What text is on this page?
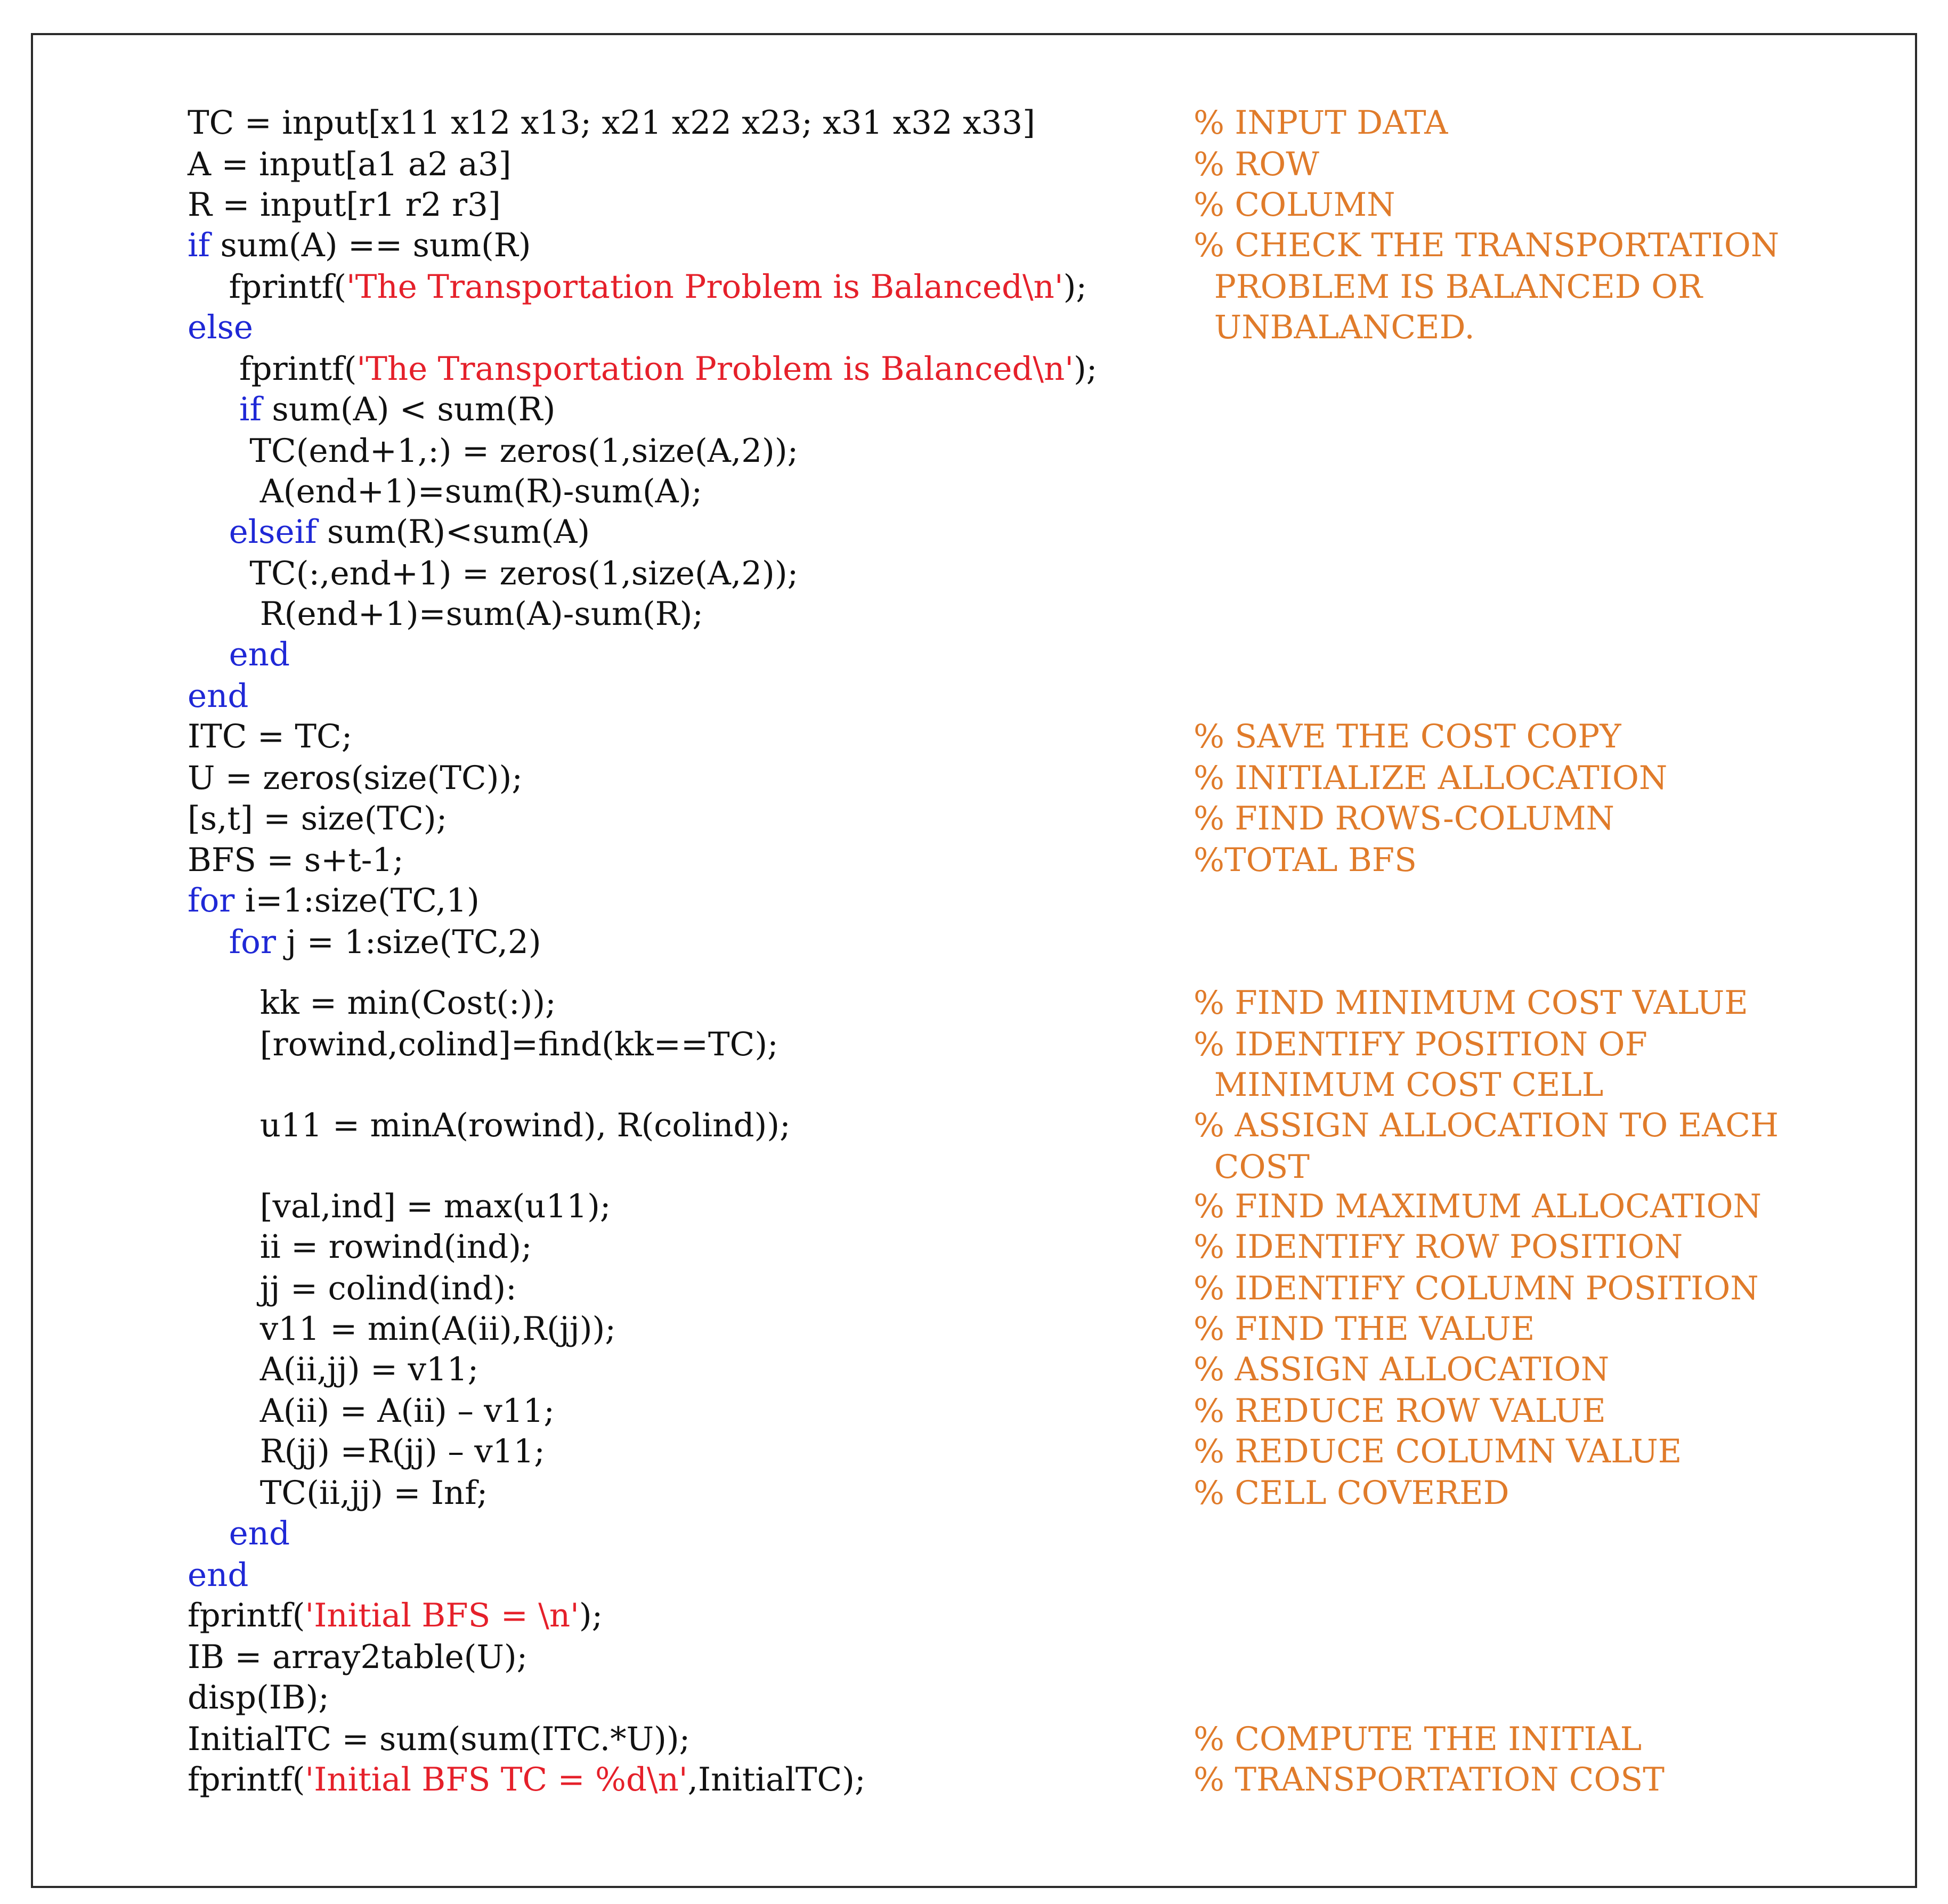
TC = input[x11 x12 x13; x21 x22 x23; x31 x32 x33]
A = input[a1 a2 a3]
R = input[r1 r2 r3]
if sum(A) == sum(R)
fprintf('The Transportation Problem is Balanced\n');
else
fprintf('The Transportation Problem is Balanced\n');
if sum(A) < sum(R)
TC(end+1,:) = zeros(1,size(A,2));
A(end+1)=sum(R)-sum(A);
elseif sum(R)<sum(A)
TC(:,end+1) = zeros(1,size(A,2));
R(end+1)=sum(A)-sum(R);
end
end
ITC = TC;
U = zeros(size(TC));
[s,t] = size(TC);
BFS = s+t-1;
for i=1:size(TC,1)
for j = 1:size(TC,2)
kk = min(Cost(:));
[rowind,colind]=find(kk==TC);
u11 = minA(rowind), R(colind));
[val,ind] = max(u11);
ii = rowind(ind);
jj = colind(ind):
v11 = min(A(ii),R(jj));
A(ii,jj) = v11;
A(ii) = A(ii) – v11;
R(jj) =R(jj) – v11;
TC(ii,jj) = Inf;
end
end
fprintf('Initial BFS = \n');
IB = array2table(U);
disp(IB);
InitialTC = sum(sum(ITC.*U));
fprintf('Initial BFS TC = %d\n',InitialTC);
% INPUT DATA
% ROW
% COLUMN
% CHECK THE TRANSPORTATION
PROBLEM IS BALANCED OR
UNBALANCED.
% SAVE THE COST COPY
% INITIALIZE ALLOCATION
% FIND ROWS-COLUMN
%TOTAL BFS
% FIND MINIMUM COST VALUE
% IDENTIFY POSITION OF
MINIMUM COST CELL
% ASSIGN ALLOCATION TO EACH
COST
% FIND MAXIMUM ALLOCATION
% IDENTIFY ROW POSITION
% IDENTIFY COLUMN POSITION
% FIND THE VALUE
% ASSIGN ALLOCATION
% REDUCE ROW VALUE
% REDUCE COLUMN VALUE
% CELL COVERED
% COMPUTE THE INITIAL
% TRANSPORTATION COST
